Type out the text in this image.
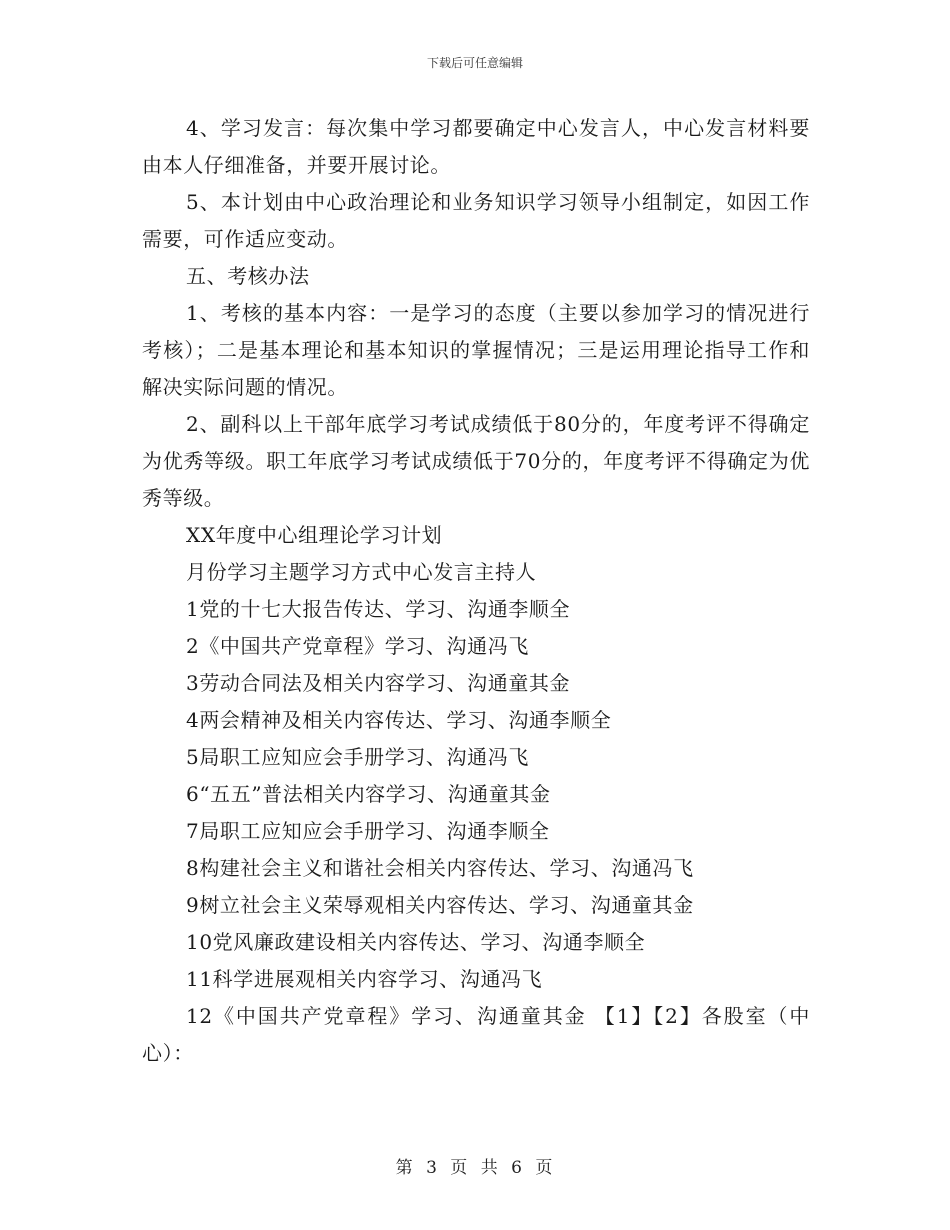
下载后可任意编辑

4、学习发言：每次集中学习都要确定中心发言人，中心发言材料要由本人仔细准备，并要开展讨论。

5、本计划由中心政治理论和业务知识学习领导小组制定，如因工作需要，可作适应变动。

五、考核办法

1、考核的基本内容：一是学习的态度（主要以参加学习的情况进行考核）；二是基本理论和基本知识的掌握情况；三是运用理论指导工作和解决实际问题的情况。

2、副科以上干部年底学习考试成绩低于80分的，年度考评不得确定为优秀等级。职工年底学习考试成绩低于70分的，年度考评不得确定为优秀等级。

XX年度中心组理论学习计划

月份学习主题学习方式中心发言主持人

1党的十七大报告传达、学习、沟通李顺全

2《中国共产党章程》学习、沟通冯飞

3劳动合同法及相关内容学习、沟通童其金

4两会精神及相关内容传达、学习、沟通李顺全

5局职工应知应会手册学习、沟通冯飞

6“五五”普法相关内容学习、沟通童其金

7局职工应知应会手册学习、沟通李顺全

8构建社会主义和谐社会相关内容传达、学习、沟通冯飞

9树立社会主义荣辱观相关内容传达、学习、沟通童其金

10党风廉政建设相关内容传达、学习、沟通李顺全

11科学进展观相关内容学习、沟通冯飞

12《中国共产党章程》学习、沟通童其金 【1】【2】各股室（中心）：

第 3 页 共 6 页
